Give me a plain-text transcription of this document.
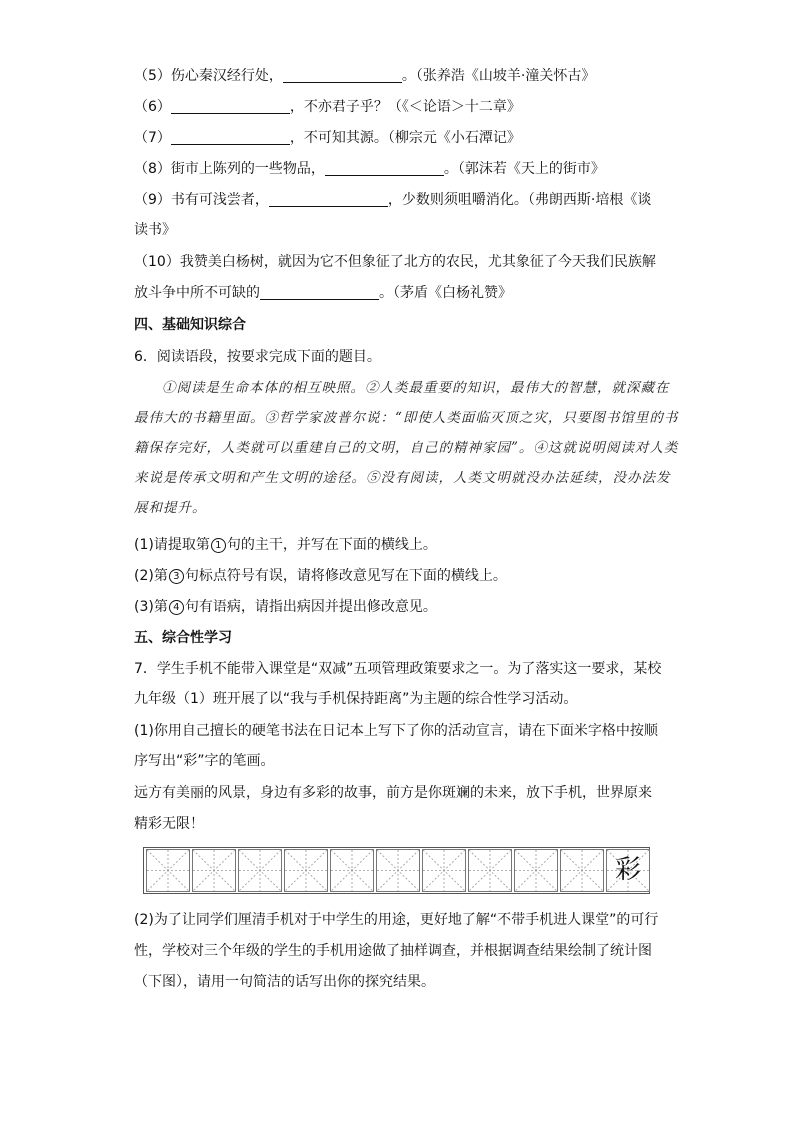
（5）伤心秦汉经行处，	。（张养浩《山坡羊·潼关怀古》
（6）	，不亦君子乎？（《＜论语＞十二章》
（7）	，不可知其源。（柳宗元《小石潭记》
（8）街市上陈列的一些物品，	。（郭沫若《天上的街市》
（9）书有可浅尝者，	，少数则须咀嚼消化。（弗朗西斯·培根《谈
读书》
（10）我赞美白杨树，就因为它不但象征了北方的农民，尤其象征了今天我们民族解
放斗争中所不可缺的	。（茅盾《白杨礼赞》
四、基础知识综合
6．阅读语段，按要求完成下面的题目。
①阅读是生命本体的相互映照。②人类最重要的知识，最伟大的智慧，就深藏在
最伟大的书籍里面。③哲学家波普尔说：“即使人类面临灭顶之灾，只要图书馆里的书
籍保存完好，人类就可以重建自己的文明，自己的精神家园”。④这就说明阅读对人类
来说是传承文明和产生文明的途径。⑤没有阅读，人类文明就没办法延续，没办法发
展和提升。
(1)请提取第 1 句的主干，并写在下面的横线上。
(2)第 3 句标点符号有误，请将修改意见写在下面的横线上。
(3)第 4 句有语病，请指出病因并提出修改意见。
五、综合性学习
7．学生手机不能带入课堂是“双减”五项管理政策要求之一。为了落实这一要求，某校
九年级（1）班开展了以“我与手机保持距离”为主题的综合性学习活动。
(1)你用自己擅长的硬笔书法在日记本上写下了你的活动宣言，请在下面米字格中按顺
序写出“彩”字的笔画。
远方有美丽的风景，身边有多彩的故事，前方是你斑斓的未来，放下手机，世界原来
精彩无限！
彩
(2)为了让同学们厘清手机对于中学生的用途，更好地了解“不带手机进人课堂”的可行
性，学校对三个年级的学生的手机用途做了抽样调查，并根据调查结果绘制了统计图
（下图），请用一句简洁的话写出你的探究结果。
